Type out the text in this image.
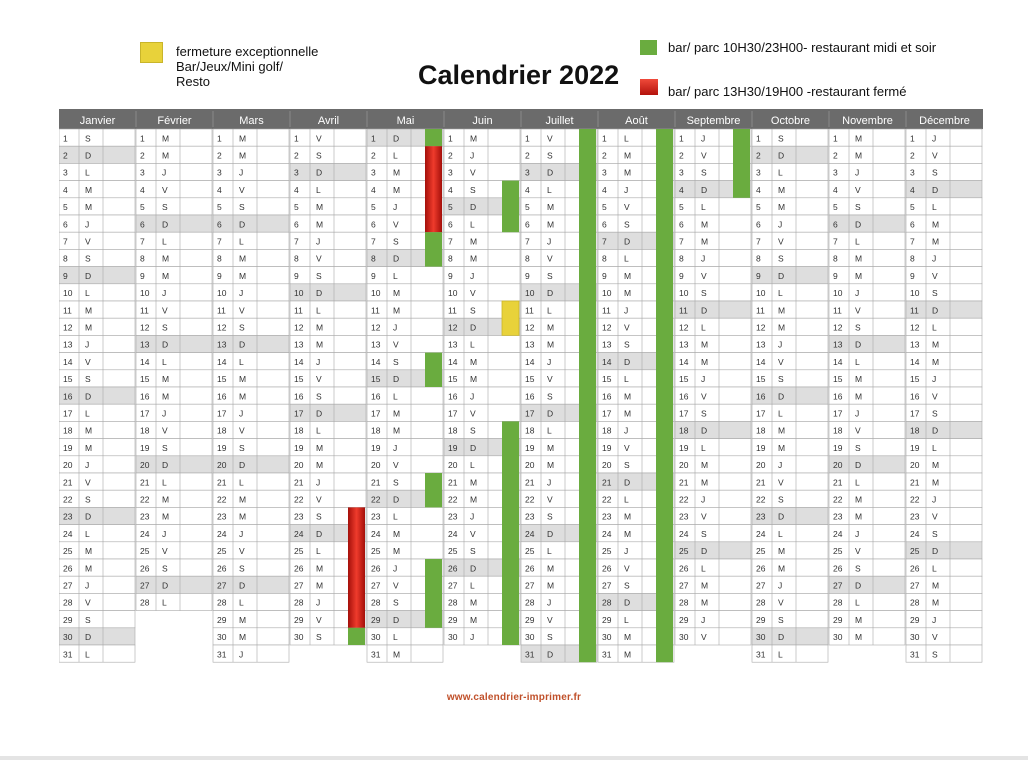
Calendrier 2022
fermeture exceptionnelle
Bar/Jeux/Mini golf/
Resto
bar/ parc 10H30/23H00- restaurant midi et soir
bar/ parc 13H30/19H00 -restaurant fermé
Janvier
1 S
2 D
3 L
4 M
5 M
6 J
7 V
8 S
9 D
10 L
11 M
12 M
13 J
14 V
15 S
16 D
17 L
18 M
19 M
20 J
21 V
22 S
23 D
24 L
25 M
26 M
27 J
28 V
29 S
30 D
31 L
Février
1 M
2 M
3 J
4 V
5 S
6 D
7 L
8 M
9 M
10 J
11 V
12 S
13 D
14 L
15 M
16 M
17 J
18 V
19 S
20 D
21 L
22 M
23 M
24 J
25 V
26 S
27 D
28 L
Mars
1 M
2 M
3 J
4 V
5 S
6 D
7 L
8 M
9 M
10 J
11 V
12 S
13 D
14 L
15 M
16 M
17 J
18 V
19 S
20 D
21 L
22 M
23 M
24 J
25 V
26 S
27 D
28 L
29 M
30 M
31 J
Avril
1 V
2 S
3 D
4 L
5 M
6 M
7 J
8 V
9 S
10 D
11 L
12 M
13 M
14 J
15 V
16 S
17 D
18 L
19 M
20 M
21 J
22 V
23 S
24 D
25 L
26 M
27 M
28 J
29 V
30 S
Mai
1 D
2 L
3 M
4 M
5 J
6 V
7 S
8 D
9 L
10 M
11 M
12 J
13 V
14 S
15 D
16 L
17 M
18 M
19 J
20 V
21 S
22 D
23 L
24 M
25 M
26 J
27 V
28 S
29 D
30 L
31 M
Juin
1 M
2 J
3 V
4 S
5 D
6 L
7 M
8 M
9 J
10 V
11 S
12 D
13 L
14 M
15 M
16 J
17 V
18 S
19 D
20 L
21 M
22 M
23 J
24 V
25 S
26 D
27 L
28 M
29 M
30 J
Juillet
1 V
2 S
3 D
4 L
5 M
6 M
7 J
8 V
9 S
10 D
11 L
12 M
13 M
14 J
15 V
16 S
17 D
18 L
19 M
20 M
21 J
22 V
23 S
24 D
25 L
26 M
27 M
28 J
29 V
30 S
31 D
Août
1 L
2 M
3 M
4 J
5 V
6 S
7 D
8 L
9 M
10 M
11 J
12 V
13 S
14 D
15 L
16 M
17 M
18 J
19 V
20 S
21 D
22 L
23 M
24 M
25 J
26 V
27 S
28 D
29 L
30 M
31 M
Septembre
1 J
2 V
3 S
4 D
5 L
6 M
7 M
8 J
9 V
10 S
11 D
12 L
13 M
14 M
15 J
16 V
17 S
18 D
19 L
20 M
21 M
22 J
23 V
24 S
25 D
26 L
27 M
28 M
29 J
30 V
Octobre
1 S
2 D
3 L
4 M
5 M
6 J
7 V
8 S
9 D
10 L
11 M
12 M
13 J
14 V
15 S
16 D
17 L
18 M
19 M
20 J
21 V
22 S
23 D
24 L
25 M
26 M
27 J
28 V
29 S
30 D
31 L
Novembre
1 M
2 M
3 J
4 V
5 S
6 D
7 L
8 M
9 M
10 J
11 V
12 S
13 D
14 L
15 M
16 M
17 J
18 V
19 S
20 D
21 L
22 M
23 M
24 J
25 V
26 S
27 D
28 L
29 M
30 M
Décembre
1 J
2 V
3 S
4 D
5 L
6 M
7 M
8 J
9 V
10 S
11 D
12 L
13 M
14 M
15 J
16 V
17 S
18 D
19 L
20 M
21 M
22 J
23 V
24 S
25 D
26 L
27 M
28 M
29 J
30 V
31 S
www.calendrier-imprimer.fr
